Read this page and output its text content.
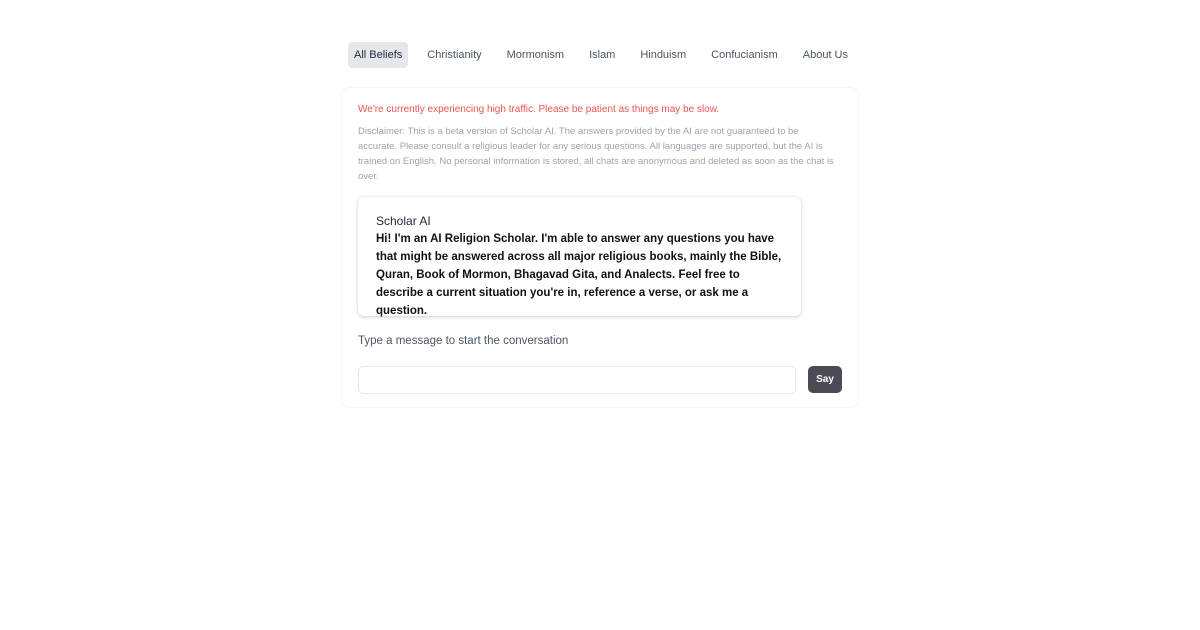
All Beliefs	Christianity	Mormonism	Islam	Hinduism	Confucianism	About Us
We're currently experiencing high traffic. Please be patient as things may be slow.
Disclaimer: This is a beta version of Scholar AI. The answers provided by the AI are not guaranteed to be accurate. Please consult a religious leader for any serious questions. All languages are supported, but the AI is trained on English. No personal information is stored, all chats are anonymous and deleted as soon as the chat is over.
Scholar AI
Hi! I'm an AI Religion Scholar. I'm able to answer any questions you have that might be answered across all major religious books, mainly the Bible, Quran, Book of Mormon, Bhagavad Gita, and Analects. Feel free to describe a current situation you're in, reference a verse, or ask me a question.
Type a message to start the conversation
Say
